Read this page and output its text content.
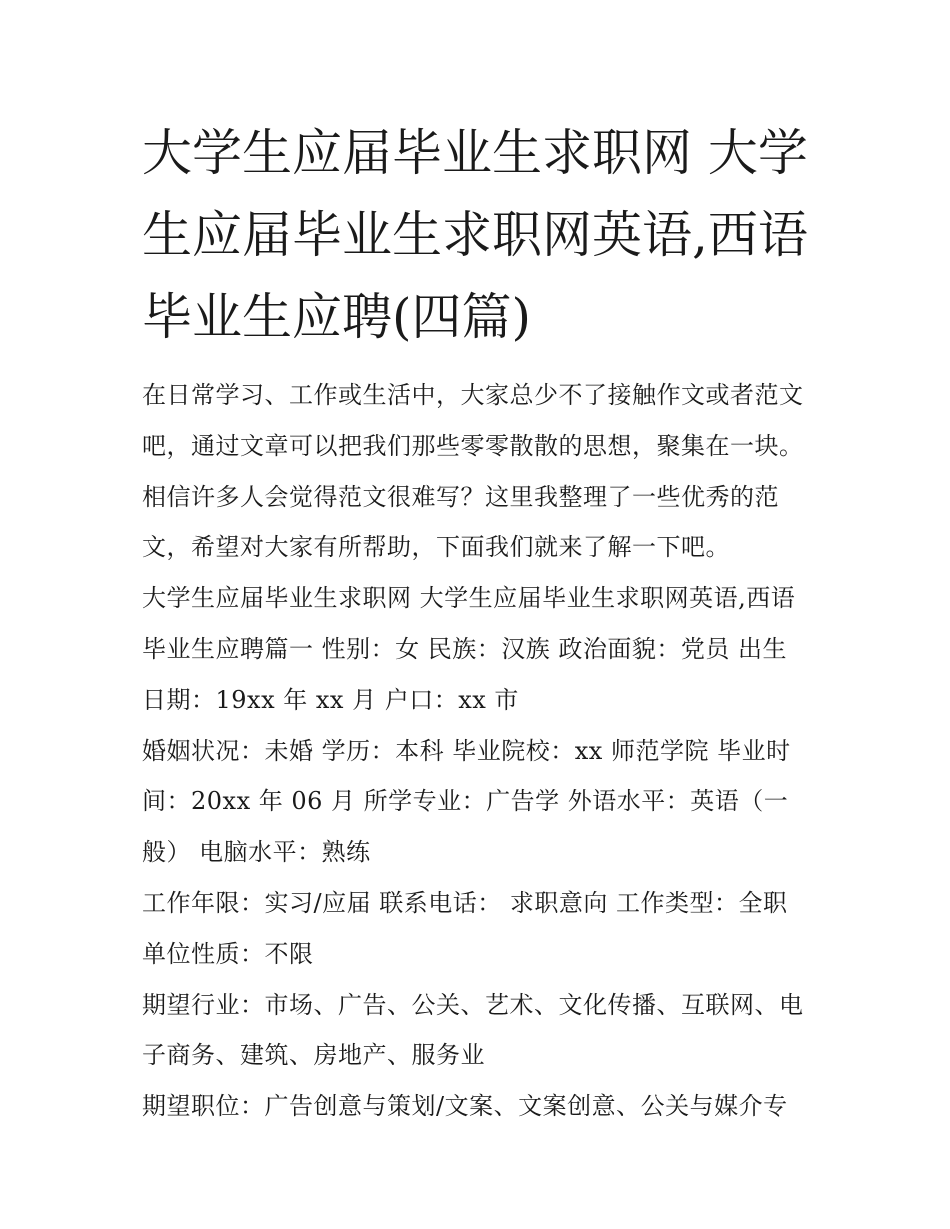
大学生应届毕业生求职网 大学
生应届毕业生求职网英语,西语
毕业生应聘(四篇)
在日常学习、工作或生活中，大家总少不了接触作文或者范文
吧，通过文章可以把我们那些零零散散的思想，聚集在一块。
相信许多人会觉得范文很难写？这里我整理了一些优秀的范
文，希望对大家有所帮助，下面我们就来了解一下吧。
大学生应届毕业生求职网 大学生应届毕业生求职网英语,西语
毕业生应聘篇一 性别：女 民族：汉族 政治面貌：党员 出生
日期：19xx 年 xx 月 户口：xx 市
婚姻状况：未婚 学历：本科 毕业院校：xx 师范学院 毕业时
间：20xx 年 06 月 所学专业：广告学 外语水平：英语（一
般） 电脑水平：熟练
工作年限：实习/应届 联系电话： 求职意向 工作类型：全职
单位性质：不限
期望行业：市场、广告、公关、艺术、文化传播、互联网、电
子商务、建筑、房地产、服务业
期望职位：广告创意与策划/文案、文案创意、公关与媒介专
